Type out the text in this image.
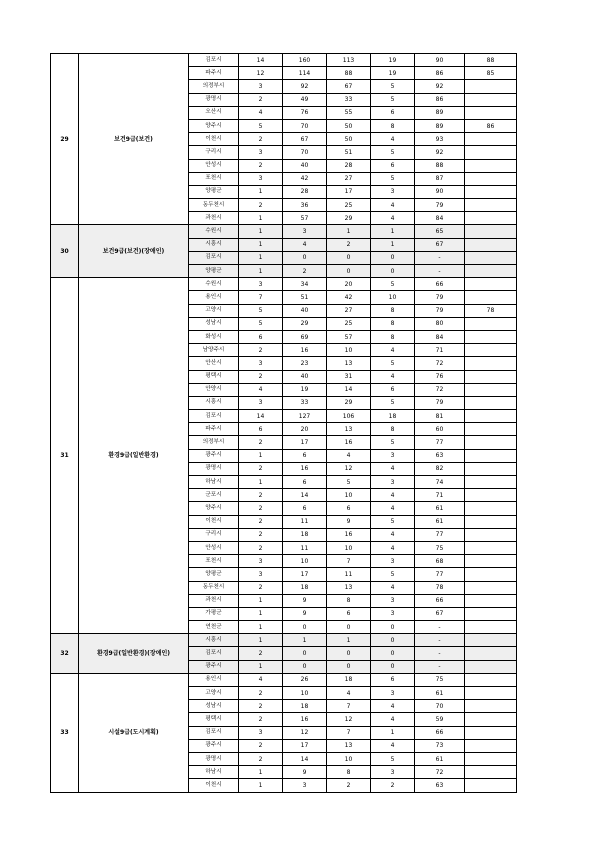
29	보건9급(보건)	김포시	14	160	113	19	90	88
		파주시	12	114	88	19	86	85
		의정부시	3	92	67	5	92	
		광명시	2	49	33	5	86	
		오산시	4	76	55	6	89	
		양주시	5	70	50	8	89	86
		이천시	2	67	50	4	93	
		구리시	3	70	51	5	92	
		안성시	2	40	28	6	88	
		포천시	3	42	27	5	87	
		양평군	1	28	17	3	90	
		동두천시	2	36	25	4	79	
		과천시	1	57	29	4	84	
30	보건9급(보건)(장애인)	수원시	1	3	1	1	65	
		시흥시	1	4	2	1	67	
		김포시	1	0	0	0	-	
		양평군	1	2	0	0	-	
31	환경9급(일반환경)	수원시	3	34	20	5	66	
		용인시	7	51	42	10	79	
		고양시	5	40	27	8	79	78
		성남시	5	29	25	8	80	
		화성시	6	69	57	8	84	
		남양주시	2	16	10	4	71	
		안산시	3	23	13	5	72	
		평택시	2	40	31	4	76	
		안양시	4	19	14	6	72	
		시흥시	3	33	29	5	79	
		김포시	14	127	106	18	81	
		파주시	6	20	13	8	60	
		의정부시	2	17	16	5	77	
		광주시	1	6	4	3	63	
		광명시	2	16	12	4	82	
		하남시	1	6	5	3	74	
		군포시	2	14	10	4	71	
		양주시	2	6	6	4	61	
		이천시	2	11	9	5	61	
		구리시	2	18	16	4	77	
		안성시	2	11	10	4	75	
		포천시	3	10	7	3	68	
		양평군	3	17	11	5	77	
		동두천시	2	18	13	4	78	
		과천시	1	9	8	3	66	
		가평군	1	9	6	3	67	
		연천군	1	0	0	0	-	
32	환경9급(일반환경)(장애인)	시흥시	1	1	1	0	-	
		김포시	2	0	0	0	-	
		광주시	1	0	0	0	-	
33	시설9급(도시계획)	용인시	4	26	18	6	75	
		고양시	2	10	4	3	61	
		성남시	2	18	7	4	70	
		평택시	2	16	12	4	59	
		김포시	3	12	7	1	66	
		광주시	2	17	13	4	73	
		광명시	2	14	10	5	61	
		하남시	1	9	8	3	72	
		이천시	1	3	2	2	63	
